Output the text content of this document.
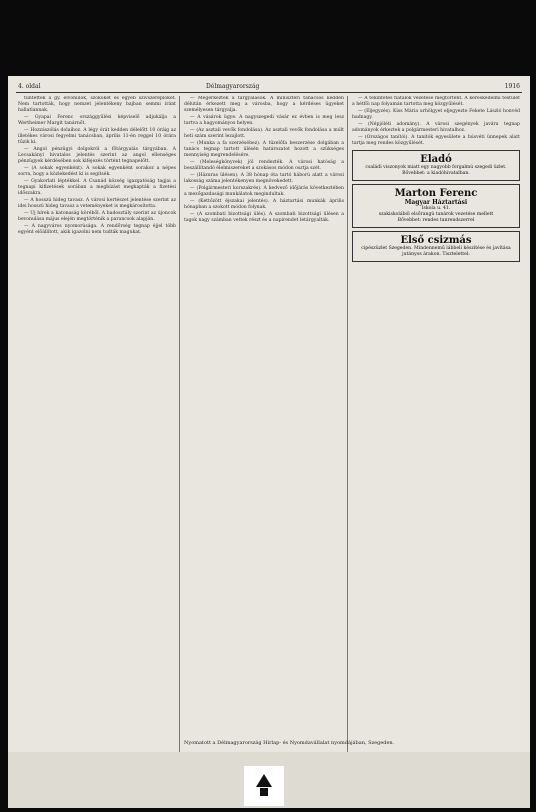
4. oldal	Délmagyarország	1916

tüntették a gy. elvonulók, szökőket és egyéb szívszereplőket. Nem tartották, hogy nemzet jelentékeny bajban semmi iránt hallatlannak.

— Gyapai Ferenc országgyűlési képviselő adjukálja a Wertheimer Margit tanárnőt.

— Hozzászólás dolaihoz. A légy órát kedden délelőtt 10 óráig az illetékes városi fegyelmi tanácsban, április 11-én reggel 10 órára tűzik ki.

— Angol pénzügyi dolgokról a főtárgyalás tárgyában. A Lecsakányi hivatalos jelentés szerint az angol ellenséges pénzügyek kérdésében sok kifejezés történt tegnapelőtt.

— (A sokak egyenként). A sokak egyenként sorakoz a népes sorra, hogy a közlekedést ki is segítsék.

— Gyakorlati léptékkel. A Csanád község igazgatóság tagjai a tegnapi kifizetések sorában a megbízást megkapták a fizetési időszakra.

— A hosszú hideg tavasz. A városi kertészet jelentése szerint az idei hosszú hideg tavasz a veteményeket is megkárosította.

— Uj hírek a katonaság köréből. A hadosztály szerint az újoncok bevonulása május elején megtörténik a parancsok alapján.

— A nagyváros nyomorúsága. A rendőrség tegnap éjjel több egyént előállított, akik igazolni nem tudták magukat.

— Megérkeztek a tárgyalások. A miniszteri tanácsos kedden délután érkezett meg a városba, hogy a kérdéses ügyeket személyesen tárgyalja.

— A vásárok ügye. A nagyszegedi vásár ez évben is meg lesz tartva a hagyományos helyen.

— (Az asztali vevők fondolása). Az asztali vevők fondolása a múlt heti szám szerint lezajlott.

— (Munka a fa szerzéséhez). A tüzelőfa beszerzése dolgában a tanács tegnap tartott ülésén határozatot hozott a szükséges mennyiség megrendelésére.

— (Meleségkönyvek) jól rendezték. A városi hatóság a beszállítandó élelmiszereket a szokásos módon osztja szét.

— (Házuras ülésen). A 38 hónap óta tartó háború alatt a városi lakosság száma jelentékenyen megnövekedett.

— (Polgármesteri korszakrés). A kedvező időjárás következtében a mezőgazdasági munkálatok megindultak.

— (Kettőzött éjszakai jelentés). A háztartási munkák április hónapban a szokott módon folynak.

— (A szombati bizottsági ülés). A szombati bizottsági ülésen a tagok nagy számban vettek részt és a napirendet letárgyalták.

— A tekintetes fiatalok vezetése megtörtént. A kereskedelmi testület a hétfői nap folyamán tartotta meg közgyűlését.

— (Eljegyzés). Kiss Mária urhölgyet eljegyezte Fekete László honvéd hadnagy.

— (Népjóléti adomány). A városi szegények javára tegnap adományok érkeztek a polgármesteri hivatalhoz.

— (Országos tanítói). A tanítók egyesülete a húsvéti ünnepek alatt tartja meg rendes közgyűlését.

Eladó
családi viszonyok miatt egy nagyobb forgalmú szegedi üzlet. Bővebbet: a kiadóhivatalban.
Marton Ferenc
Magyar Háztartási
Iskola u. 41.
szakiskolából elsőrangú tanárok vezetése mellett
Bővebbet: rendes tanrendszerrel
Első csizmás
cipészüzlet Szegeden. Mindennemű lábbeli készítése és javítása jutányos árakon. Tisztelettel:
Nyomatott a Délmagyarország Hírlap- és Nyomdavállalat nyomdájában, Szegeden.
